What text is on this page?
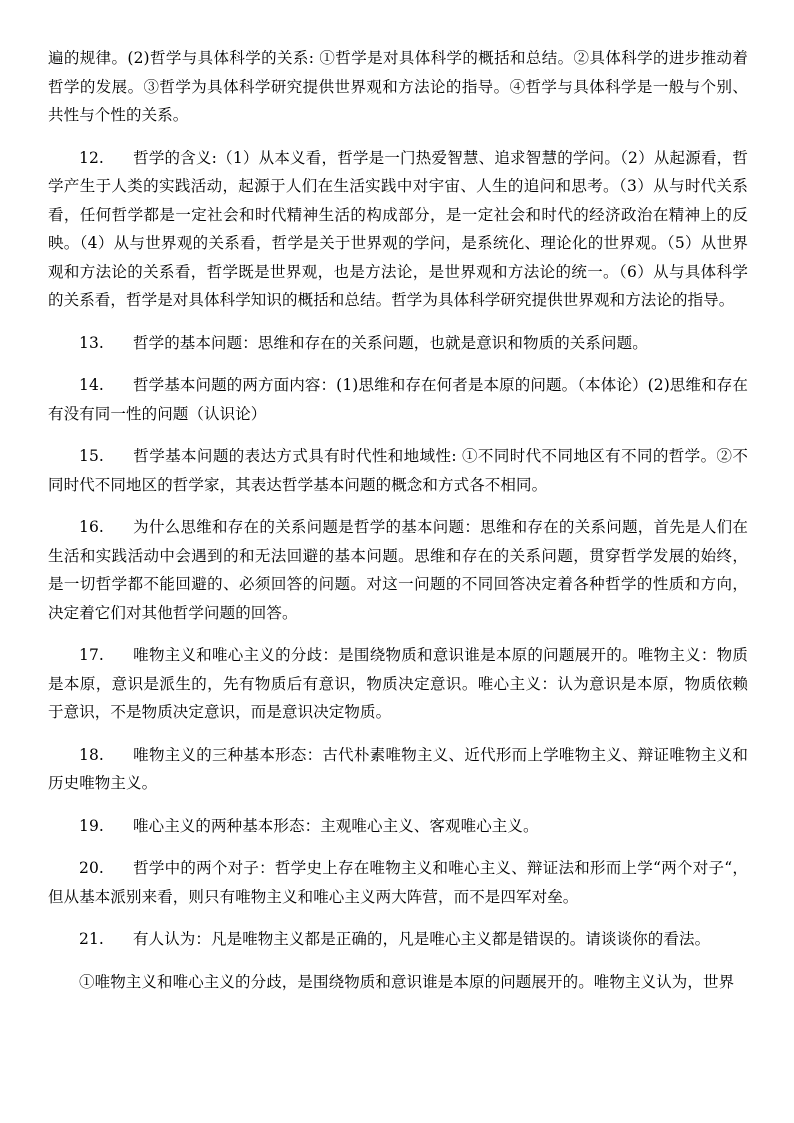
遍的规律。(2)哲学与具体科学的关系: ①哲学是对具体科学的概括和总结。②具体科学的进步推动着哲学的发展。③哲学为具体科学研究提供世界观和方法论的指导。④哲学与具体科学是一般与个别、共性与个性的关系。

12. 哲学的含义:（1）从本义看，哲学是一门热爱智慧、追求智慧的学问。（2）从起源看，哲学产生于人类的实践活动，起源于人们在生活实践中对宇宙、人生的追问和思考。（3）从与时代关系看，任何哲学都是一定社会和时代精神生活的构成部分，是一定社会和时代的经济政治在精神上的反映。（4）从与世界观的关系看，哲学是关于世界观的学问，是系统化、理论化的世界观。（5）从世界观和方法论的关系看，哲学既是世界观，也是方法论，是世界观和方法论的统一。（6）从与具体科学的关系看，哲学是对具体科学知识的概括和总结。哲学为具体科学研究提供世界观和方法论的指导。

13. 哲学的基本问题：思维和存在的关系问题，也就是意识和物质的关系问题。

14. 哲学基本问题的两方面内容：(1)思维和存在何者是本原的问题。（本体论）(2)思维和存在有没有同一性的问题（认识论）

15. 哲学基本问题的表达方式具有时代性和地域性: ①不同时代不同地区有不同的哲学。②不同时代不同地区的哲学家，其表达哲学基本问题的概念和方式各不相同。

16. 为什么思维和存在的关系问题是哲学的基本问题：思维和存在的关系问题，首先是人们在生活和实践活动中会遇到的和无法回避的基本问题。思维和存在的关系问题，贯穿哲学发展的始终，是一切哲学都不能回避的、必须回答的问题。对这一问题的不同回答决定着各种哲学的性质和方向，决定着它们对其他哲学问题的回答。

17. 唯物主义和唯心主义的分歧：是围绕物质和意识谁是本原的问题展开的。唯物主义：物质是本原，意识是派生的，先有物质后有意识，物质决定意识。唯心主义：认为意识是本原，物质依赖于意识，不是物质决定意识，而是意识决定物质。

18. 唯物主义的三种基本形态：古代朴素唯物主义、近代形而上学唯物主义、辩证唯物主义和历史唯物主义。

19. 唯心主义的两种基本形态：主观唯心主义、客观唯心主义。

20. 哲学中的两个对子：哲学史上存在唯物主义和唯心主义、辩证法和形而上学“两个对子“，但从基本派别来看，则只有唯物主义和唯心主义两大阵营，而不是四军对垒。

21. 有人认为：凡是唯物主义都是正确的，凡是唯心主义都是错误的。请谈谈你的看法。

①唯物主义和唯心主义的分歧，是围绕物质和意识谁是本原的问题展开的。唯物主义认为，世界
